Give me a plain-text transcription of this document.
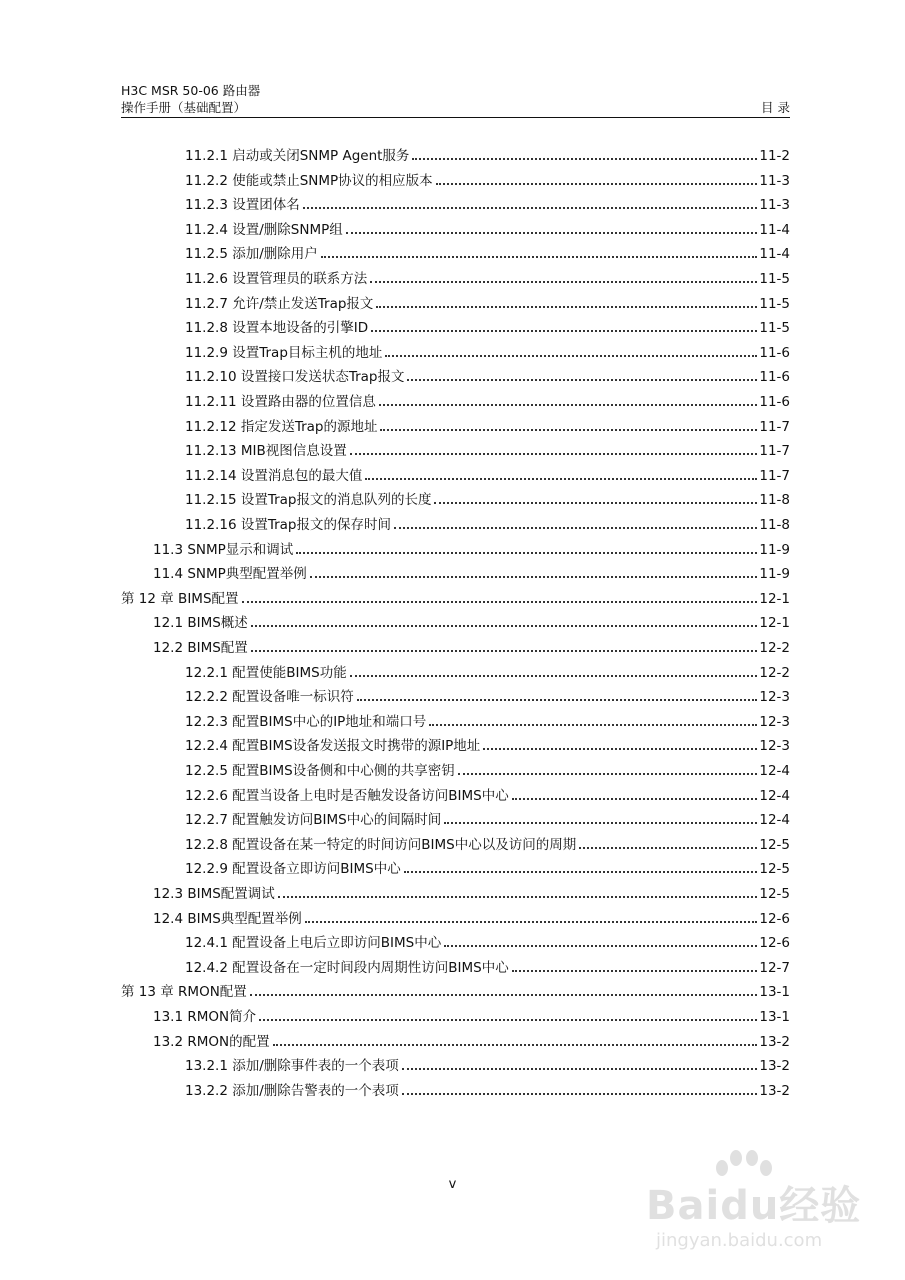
H3C MSR 50-06 路由器
操作手册（基础配置）	目 录
11.2.1 启动或关闭SNMP Agent服务	11-2
11.2.2 使能或禁止SNMP协议的相应版本	11-3
11.2.3 设置团体名	11-3
11.2.4 设置/删除SNMP组	11-4
11.2.5 添加/删除用户	11-4
11.2.6 设置管理员的联系方法	11-5
11.2.7 允许/禁止发送Trap报文	11-5
11.2.8 设置本地设备的引擎ID	11-5
11.2.9 设置Trap目标主机的地址	11-6
11.2.10 设置接口发送状态Trap报文	11-6
11.2.11 设置路由器的位置信息	11-6
11.2.12 指定发送Trap的源地址	11-7
11.2.13 MIB视图信息设置	11-7
11.2.14 设置消息包的最大值	11-7
11.2.15 设置Trap报文的消息队列的长度	11-8
11.2.16 设置Trap报文的保存时间	11-8
11.3 SNMP显示和调试	11-9
11.4 SNMP典型配置举例	11-9
第 12 章 BIMS配置	12-1
12.1 BIMS概述	12-1
12.2 BIMS配置	12-2
12.2.1 配置使能BIMS功能	12-2
12.2.2 配置设备唯一标识符	12-3
12.2.3 配置BIMS中心的IP地址和端口号	12-3
12.2.4 配置BIMS设备发送报文时携带的源IP地址	12-3
12.2.5 配置BIMS设备侧和中心侧的共享密钥	12-4
12.2.6 配置当设备上电时是否触发设备访问BIMS中心	12-4
12.2.7 配置触发访问BIMS中心的间隔时间	12-4
12.2.8 配置设备在某一特定的时间访问BIMS中心以及访问的周期	12-5
12.2.9 配置设备立即访问BIMS中心	12-5
12.3 BIMS配置调试	12-5
12.4 BIMS典型配置举例	12-6
12.4.1 配置设备上电后立即访问BIMS中心	12-6
12.4.2 配置设备在一定时间段内周期性访问BIMS中心	12-7
第 13 章 RMON配置	13-1
13.1 RMON简介	13-1
13.2 RMON的配置	13-2
13.2.1 添加/删除事件表的一个表项	13-2
13.2.2 添加/删除告警表的一个表项	13-2
v	Baidu经验
jingyan.baidu.com
